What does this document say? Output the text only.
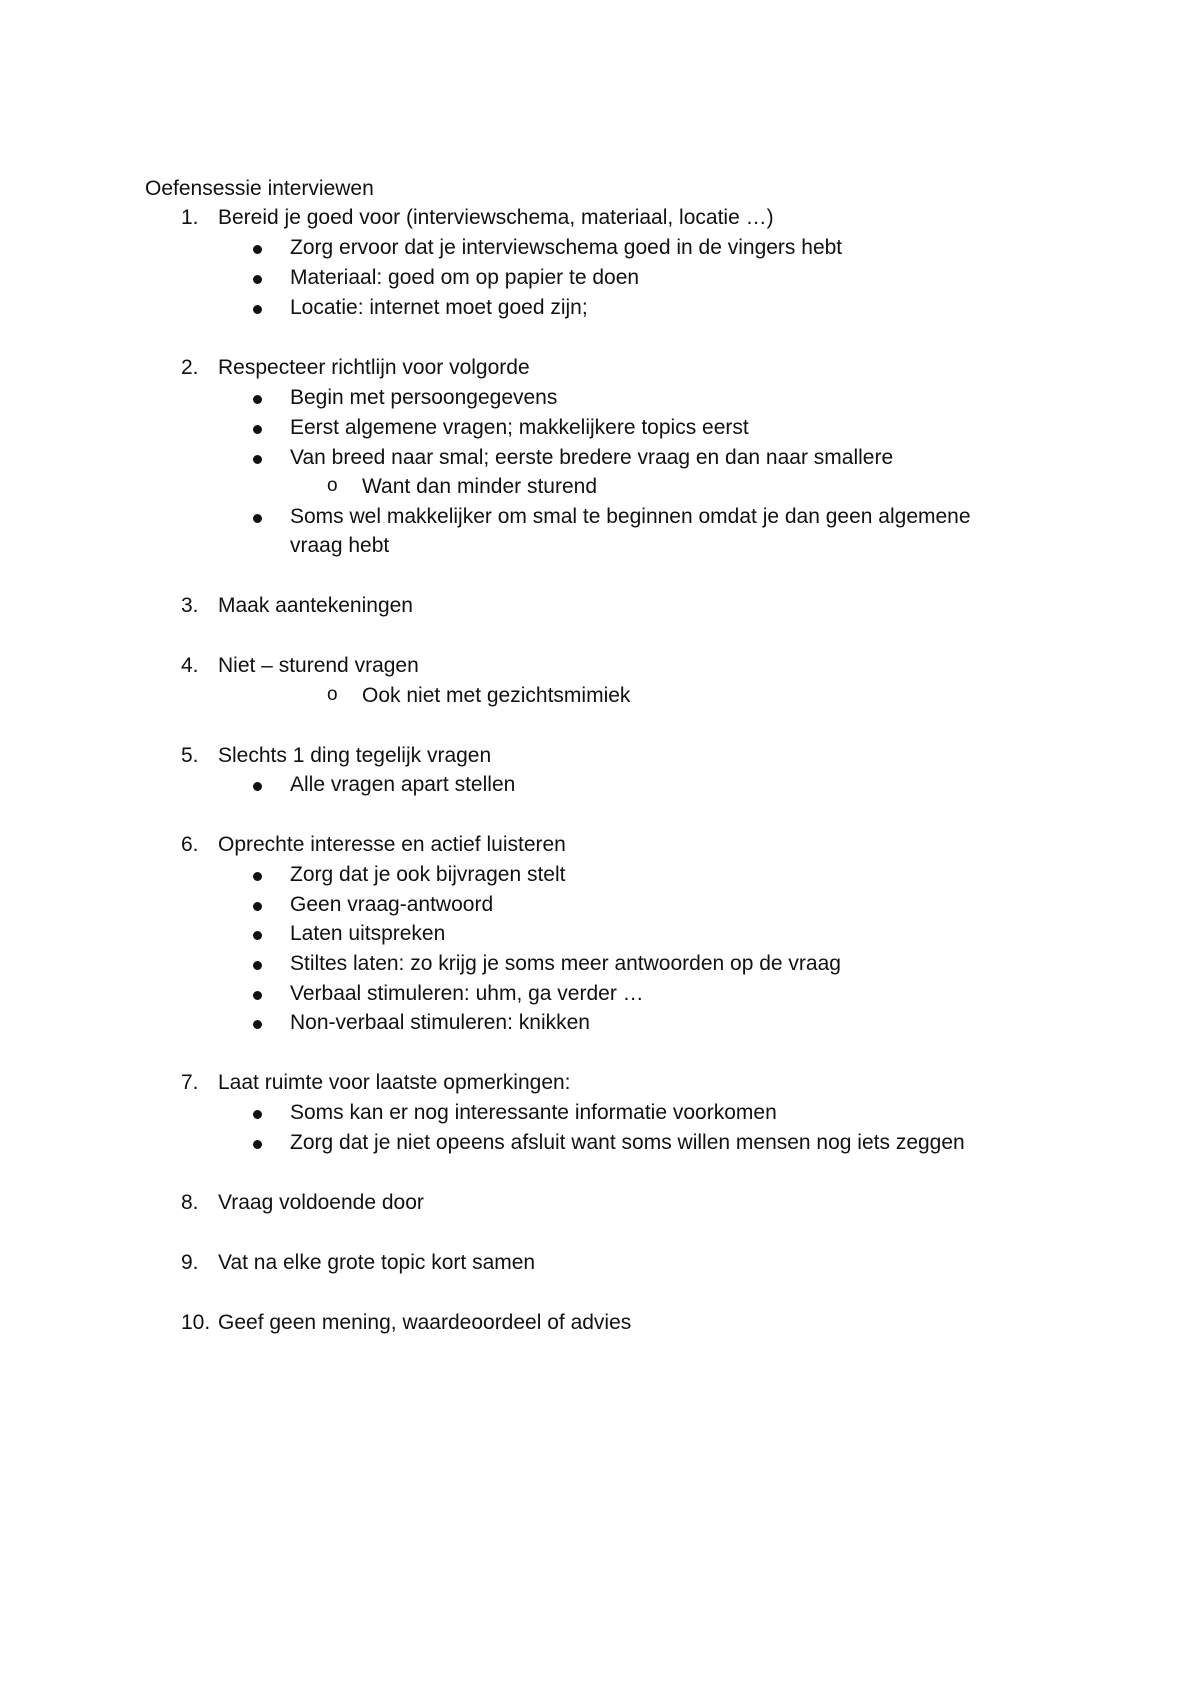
Oefensessie interviewen
1. Bereid je goed voor (interviewschema, materiaal, locatie …)
Zorg ervoor dat je interviewschema goed in de vingers hebt
Materiaal: goed om op papier te doen
Locatie: internet moet goed zijn;
2. Respecteer richtlijn voor volgorde
Begin met persoongegevens
Eerst algemene vragen; makkelijkere topics eerst
Van breed naar smal; eerste bredere vraag en dan naar smallere
o Want dan minder sturend
Soms wel makkelijker om smal te beginnen omdat je dan geen algemene
vraag hebt
3. Maak aantekeningen
4. Niet – sturend vragen
o Ook niet met gezichtsmimiek
5. Slechts 1 ding tegelijk vragen
Alle vragen apart stellen
6. Oprechte interesse en actief luisteren
Zorg dat je ook bijvragen stelt
Geen vraag-antwoord
Laten uitspreken
Stiltes laten: zo krijg je soms meer antwoorden op de vraag
Verbaal stimuleren: uhm, ga verder …
Non-verbaal stimuleren: knikken
7. Laat ruimte voor laatste opmerkingen:
Soms kan er nog interessante informatie voorkomen
Zorg dat je niet opeens afsluit want soms willen mensen nog iets zeggen
8. Vraag voldoende door
9. Vat na elke grote topic kort samen
10. Geef geen mening, waardeoordeel of advies
